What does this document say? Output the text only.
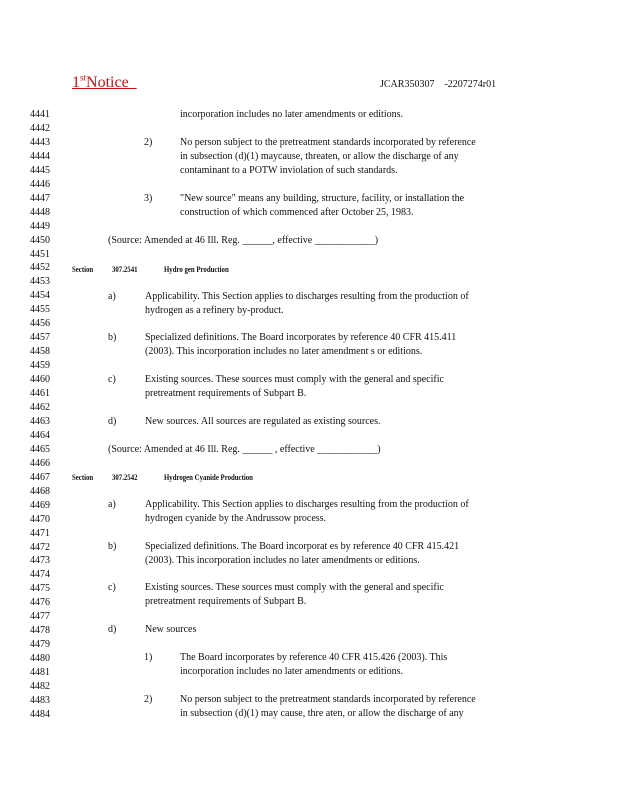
1stNotice	JCAR350307    -2207274r01
4441
4442
4443
4444
4445
4446
4447
4448
4449
4450
4451
4452
4453
4454
4455
4456
4457
4458
4459
4460
4461
4462
4463
4464
4465
4466
4467
4468
4469
4470
4471
4472
4473
4474
4475
4476
4477
4478
4479
4480
4481
4482
4483
4484
incorporation includes no later amendments or editions.
2)	No person subject to the pretreatment standards incorporated by reference
in subsection (d)(1) maycause, threaten, or allow the discharge of any
contaminant to a POTW inviolation of such standards.
3)	"New source" means any building, structure, facility, or installation the
construction of which commenced after October 25, 1983.
(Source: Amended at 46 Ill. Reg. ______, effective ____________)
Section 307.2541	Hydro gen Production
a)	Applicability. This Section applies to discharges resulting from the production of
hydrogen as a refinery by-product.
b)	Specialized definitions. The Board incorporates by reference 40 CFR 415.411
(2003). This incorporation includes no later amendment s or editions.
c)	Existing sources. These sources must comply with the general and specific
pretreatment requirements of Subpart B.
d)	New sources. All sources are regulated as existing sources.
(Source: Amended at 46 Ill. Reg. ______ , effective ____________)
Section 307.2542	Hydrogen Cyanide Production
a)	Applicability. This Section applies to discharges resulting from the production of
hydrogen cyanide by the Andrussow process.
b)	Specialized definitions. The Board incorporat es by reference 40 CFR 415.421
(2003). This incorporation includes no later amendments or editions.
c)	Existing sources. These sources must comply with the general and specific
pretreatment requirements of Subpart B.
d)	New sources
1)	The Board incorporates by reference 40 CFR 415.426 (2003). This
incorporation includes no later amendments or editions.
2)	No person subject to the pretreatment standards incorporated by reference
in subsection (d)(1) may cause, thre aten, or allow the discharge of any
